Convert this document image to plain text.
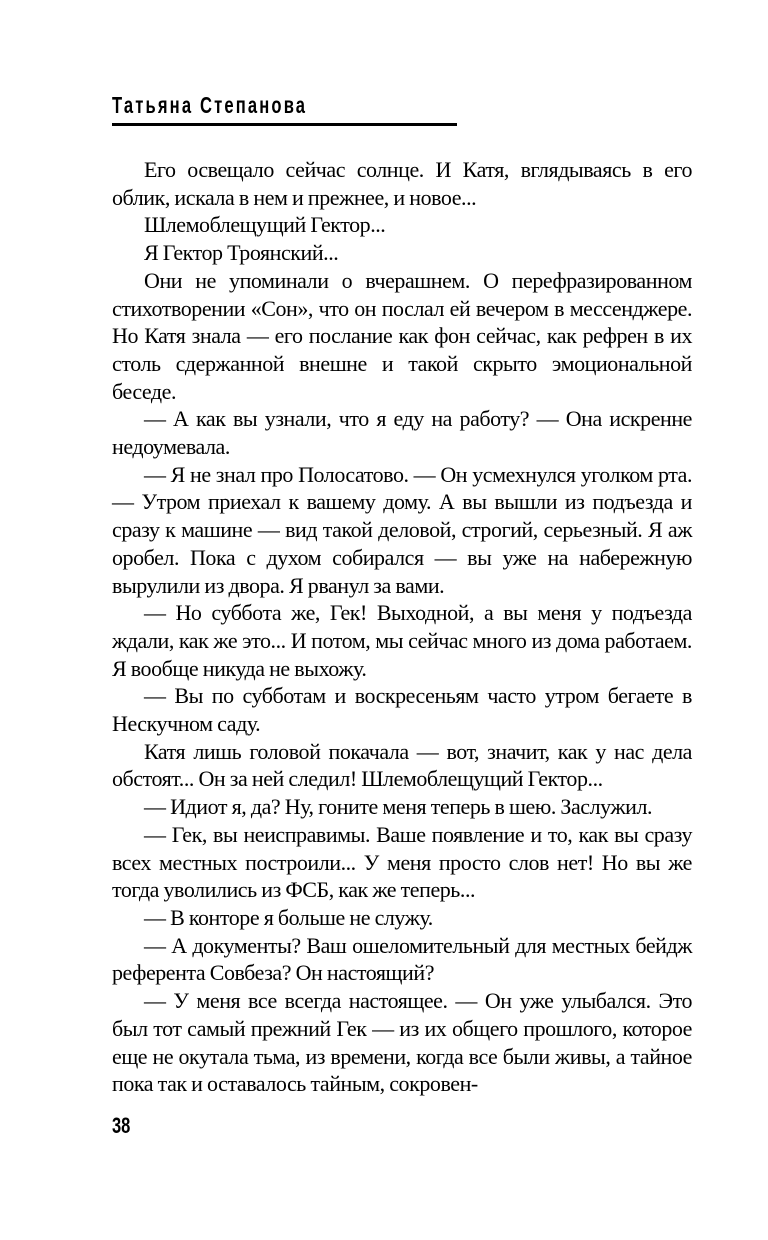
Татьяна Степанова

Его освещало сейчас солнце. И Катя, вглядываясь в его облик, искала в нем и прежнее, и новое...

Шлемоблещущий Гектор...

Я Гектор Троянский...

Они не упоминали о вчерашнем. О перефразированном стихотворении «Сон», что он послал ей вечером в мессенджере. Но Катя знала — его послание как фон сейчас, как рефрен в их столь сдержанной внешне и такой скрыто эмоциональной беседе.

— А как вы узнали, что я еду на работу? — Она искренне недоумевала.

— Я не знал про Полосатово. — Он усмехнулся уголком рта. — Утром приехал к вашему дому. А вы вышли из подъезда и сразу к машине — вид такой деловой, строгий, серьезный. Я аж оробел. Пока с духом собирался — вы уже на набережную вырулили из двора. Я рванул за вами.

— Но суббота же, Гек! Выходной, а вы меня у подъезда ждали, как же это... И потом, мы сейчас много из дома работаем. Я вообще никуда не выхожу.

— Вы по субботам и воскресеньям часто утром бегаете в Нескучном саду.

Катя лишь головой покачала — вот, значит, как у нас дела обстоят... Он за ней следил! Шлемоблещущий Гектор...

— Идиот я, да? Ну, гоните меня теперь в шею. Заслужил.

— Гек, вы неисправимы. Ваше появление и то, как вы сразу всех местных построили... У меня просто слов нет! Но вы же тогда уволились из ФСБ, как же теперь...

— В конторе я больше не служу.

— А документы? Ваш ошеломительный для местных бейдж референта Совбеза? Он настоящий?

— У меня все всегда настоящее. — Он уже улыбался. Это был тот самый прежний Гек — из их общего прошлого, которое еще не окутала тьма, из времени, когда все были живы, а тайное пока так и оставалось тайным, сокровен-

38
